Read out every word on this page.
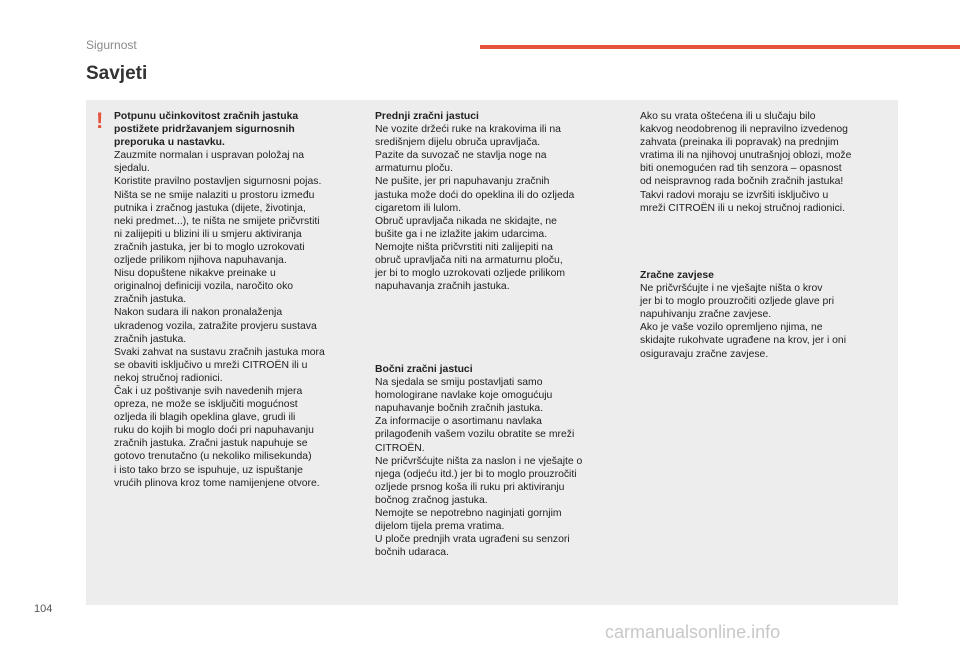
Sigurnost
Savjeti
! Potpunu učinkovitost zračnih jastuka
postižete pridržavanjem sigurnosnih
preporuka u nastavku.
Zauzmite normalan i uspravan položaj na
sjedalu.
Koristite pravilno postavljen sigurnosni pojas.
Ništa se ne smije nalaziti u prostoru između
putnika i zračnog jastuka (dijete, životinja,
neki predmet...), te ništa ne smijete pričvrstiti
ni zalijepiti u blizini ili u smjeru aktiviranja
zračnih jastuka, jer bi to moglo uzrokovati
ozljede prilikom njihova napuhavanja.
Nisu dopuštene nikakve preinake u
originalnoj definiciji vozila, naročito oko
zračnih jastuka.
Nakon sudara ili nakon pronalaženja
ukradenog vozila, zatražite provjeru sustava
zračnih jastuka.
Svaki zahvat na sustavu zračnih jastuka mora
se obaviti isključivo u mreži CITROËN ili u
nekoj stručnoj radionici.
Čak i uz poštivanje svih navedenih mjera
opreza, ne može se isključiti mogućnost
ozljeda ili blagih opeklina glave, grudi ili
ruku do kojih bi moglo doći pri napuhavanju
zračnih jastuka. Zračni jastuk napuhuje se
gotovo trenutačno (u nekoliko milisekunda)
i isto tako brzo se ispuhuje, uz ispuštanje
vrućih plinova kroz tome namijenjene otvore.
Prednji zračni jastuci
Ne vozite držeći ruke na krakovima ili na
središnjem dijelu obruča upravljača.
Pazite da suvozač ne stavlja noge na
armaturnu ploču.
Ne pušite, jer pri napuhavanju zračnih
jastuka može doći do opeklina ili do ozljeda
cigaretom ili lulom.
Obruč upravljača nikada ne skidajte, ne
bušite ga i ne izlažite jakim udarcima.
Nemojte ništa pričvrstiti niti zalijepiti na
obruč upravljača niti na armaturnu ploču,
jer bi to moglo uzrokovati ozljede prilikom
napuhavanja zračnih jastuka.
Bočni zračni jastuci
Na sjedala se smiju postavljati samo
homologirane navlake koje omogućuju
napuhavanje bočnih zračnih jastuka.
Za informacije o asortimanu navlaka
prilagođenih vašem vozilu obratite se mreži
CITROËN.
Ne pričvršćujte ništa za naslon i ne vješajte o
njega (odjeću itd.) jer bi to moglo prouzročiti
ozljede prsnog koša ili ruku pri aktiviranju
bočnog zračnog jastuka.
Nemojte se nepotrebno naginjati gornjim
dijelom tijela prema vratima.
U ploče prednjih vrata ugrađeni su senzori
bočnih udaraca.
Ako su vrata oštećena ili u slučaju bilo
kakvog neodobrenog ili nepravilno izvedenog
zahvata (preinaka ili popravak) na prednjim
vratima ili na njihovoj unutrašnjoj oblozi, može
biti onemogućen rad tih senzora – opasnost
od neispravnog rada bočnih zračnih jastuka!
Takvi radovi moraju se izvršiti isključivo u
mreži CITROËN ili u nekoj stručnoj radionici.
Zračne zavjese
Ne pričvršćujte i ne vješajte ništa o krov
jer bi to moglo prouzročiti ozljede glave pri
napuhivanju zračne zavjese.
Ako je vaše vozilo opremljeno njima, ne
skidajte rukohvate ugrađene na krov, jer i oni
osiguravaju zračne zavjese.
104
carmanualsonline.info
